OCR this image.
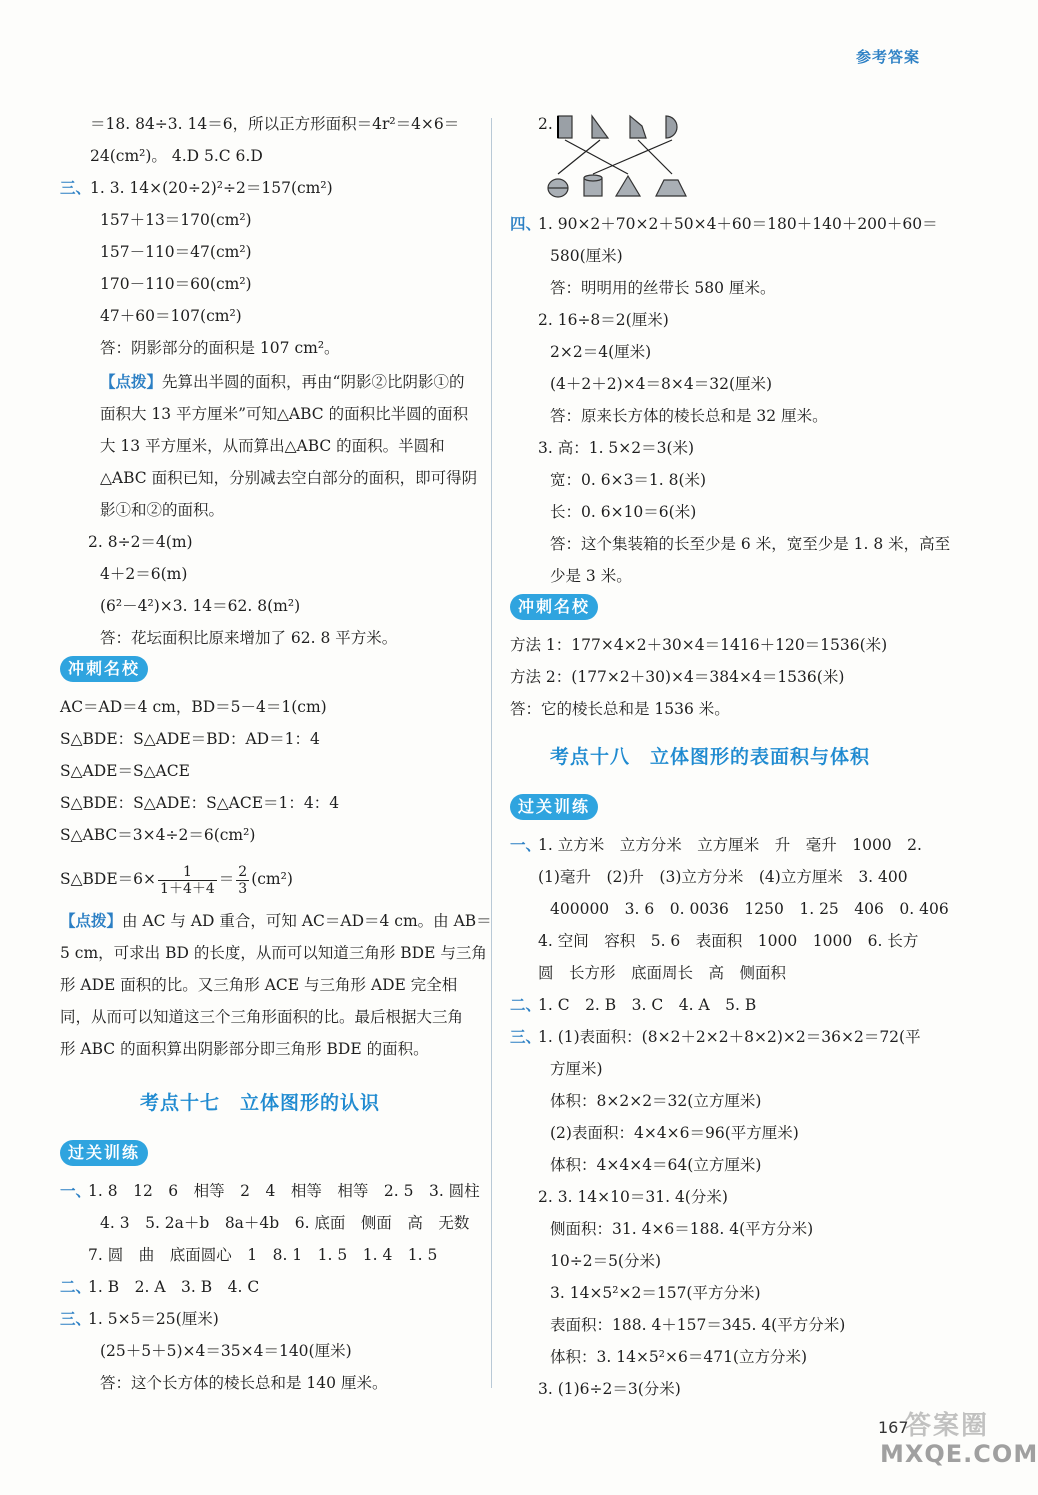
参考答案
＝18. 84÷3. 14＝6，所以正方形面积＝4r²＝4×6＝
24(cm²)。 4.D 5.C 6.D
三、
1. 3. 14×(20÷2)²÷2＝157(cm²)
157＋13＝170(cm²)
157－110＝47(cm²)
170－110＝60(cm²)
47＋60＝107(cm²)
答：阴影部分的面积是 107 cm²。
【点拨】先算出半圆的面积，再由“阴影②比阴影①的
面积大 13 平方厘米”可知△ABC 的面积比半圆的面积
大 13 平方厘米，从而算出△ABC 的面积。半圆和
△ABC 面积已知，分别减去空白部分的面积，即可得阴
影①和②的面积。
2. 8÷2＝4(m)
4＋2＝6(m)
(6²－4²)×3. 14＝62. 8(m²)
答：花坛面积比原来增加了 62. 8 平方米。
冲刺名校
AC＝AD＝4 cm，BD＝5－4＝1(cm)
S△BDE：S△ADE＝BD：AD＝1：4
S△ADE＝S△ACE
S△BDE：S△ADE：S△ACE＝1：4：4
S△ABC＝3×4÷2＝6(cm²)
S△BDE＝6× $\frac{1}{1+4+4} = \frac{2}{3} (cm^2)$
【点拨】由 AC 与 AD 重合，可知 AC＝AD＝4 cm。由 AB＝
5 cm，可求出 BD 的长度，从而可以知道三角形 BDE 与三角
形 ADE 面积的比。又三角形 ACE 与三角形 ADE 完全相
同，从而可以知道这三个三角形面积的比。最后根据大三角
形 ABC 的面积算出阴影部分即三角形 BDE 的面积。
考点十七　立体图形的认识
过关训练
一、
1. 8　12　6　相等　2　4　相等　相等　2. 5　3. 圆柱
4. 3　5. 2a＋b　8a＋4b　6. 底面　侧面　高　无数
7. 圆　曲　底面圆心　1　8. 1　1. 5　1. 4　1. 5
二、
1. B　2. A　3. B　4. C
三、
1. 5×5＝25(厘米)
(25＋5＋5)×4＝35×4＝140(厘米)
答：这个长方体的棱长总和是 140 厘米。
2.
四、
1. 90×2＋70×2＋50×4＋60＝180＋140＋200＋60＝
580(厘米)
答：明明用的丝带长 580 厘米。
2. 16÷8＝2(厘米)
2×2＝4(厘米)
(4＋2＋2)×4＝8×4＝32(厘米)
答：原来长方体的棱长总和是 32 厘米。
3. 高：1. 5×2＝3(米)
宽：0. 6×3＝1. 8(米)
长：0. 6×10＝6(米)
答：这个集装箱的长至少是 6 米，宽至少是 1. 8 米，高至
少是 3 米。
冲刺名校
方法 1：177×4×2＋30×4＝1416＋120＝1536(米)
方法 2：(177×2＋30)×4＝384×4＝1536(米)
答：它的棱长总和是 1536 米。
考点十八　立体图形的表面积与体积
过关训练
一、
1. 立方米　立方分米　立方厘米　升　毫升　1000　2.
(1)毫升　(2)升　(3)立方分米　(4)立方厘米　3. 400
400000　3. 6　0. 0036　1250　1. 25　406　0. 406
4. 空间　容积　5. 6　表面积　1000　1000　6. 长方
圆　长方形　底面周长　高　侧面积
二、
1. C　2. B　3. C　4. A　5. B
三、
1. (1)表面积：(8×2＋2×2＋8×2)×2＝36×2＝72(平
方厘米)
体积：8×2×2＝32(立方厘米)
(2)表面积：4×4×6＝96(平方厘米)
体积：4×4×4＝64(立方厘米)
2. 3. 14×10＝31. 4(分米)
侧面积：31. 4×6＝188. 4(平方分米)
10÷2＝5(分米)
3. 14×5²×2＝157(平方分米)
表面积：188. 4＋157＝345. 4(平方分米)
体积：3. 14×5²×6＝471(立方分米)
3. (1)6÷2＝3(分米)
167
答案圈
MXQE.COM
